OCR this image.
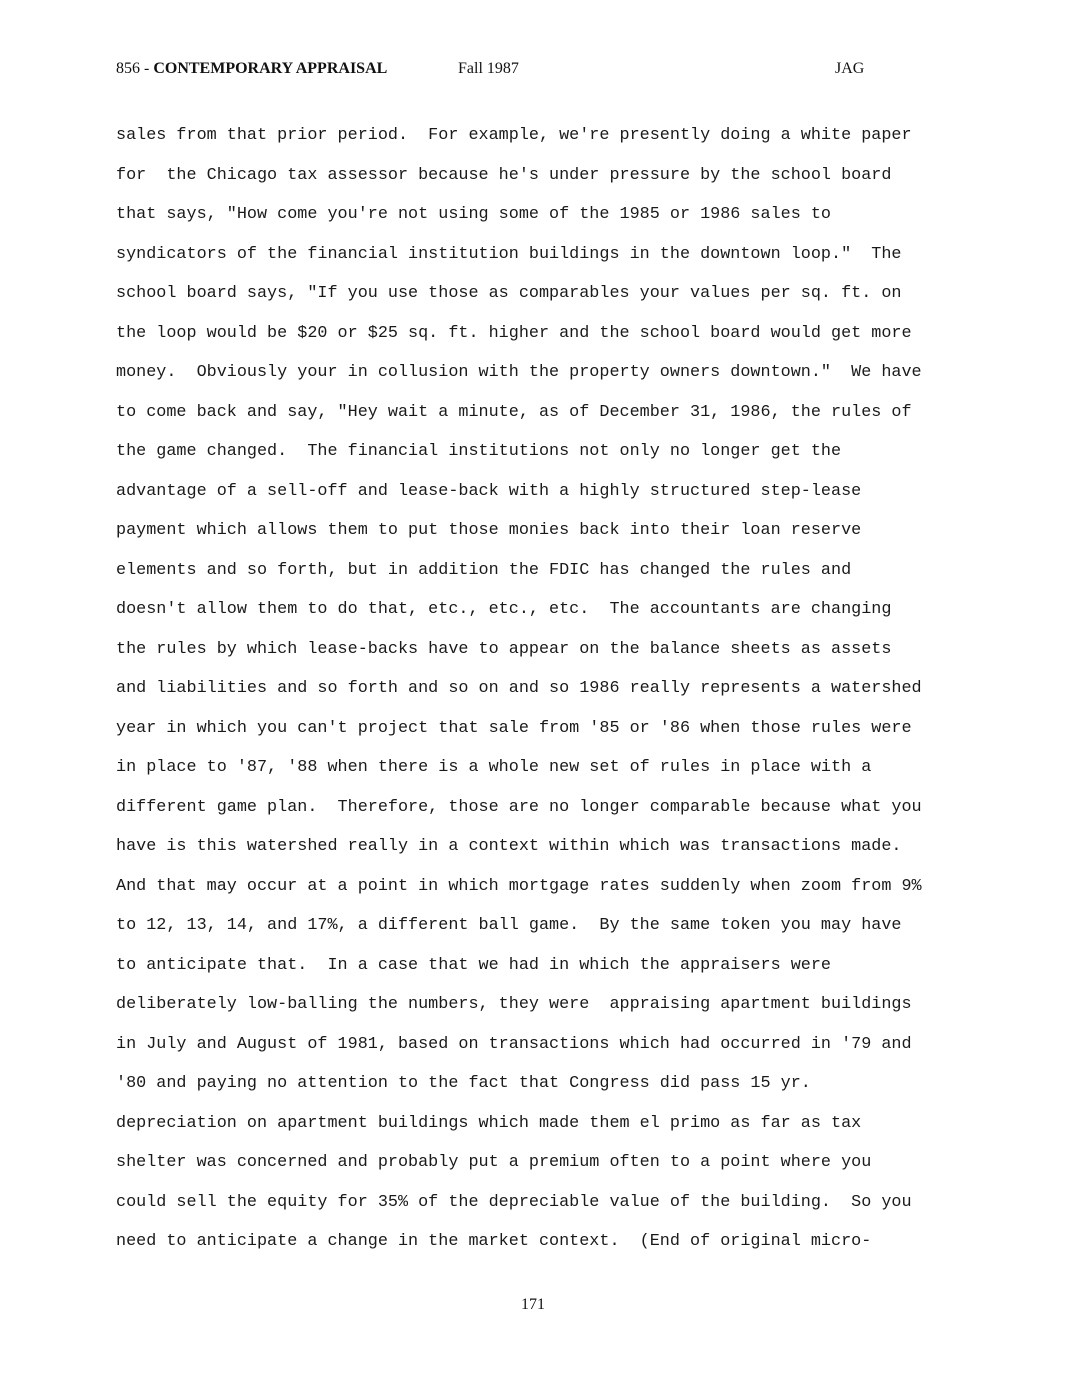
856 - CONTEMPORARY APPRAISAL	Fall 1987	JAG
sales from that prior period.  For example, we're presently doing a white paper
for  the Chicago tax assessor because he's under pressure by the school board
that says, "How come you're not using some of the 1985 or 1986 sales to
syndicators of the financial institution buildings in the downtown loop."  The
school board says, "If you use those as comparables your values per sq. ft. on
the loop would be $20 or $25 sq. ft. higher and the school board would get more
money.  Obviously your in collusion with the property owners downtown."  We have
to come back and say, "Hey wait a minute, as of December 31, 1986, the rules of
the game changed.  The financial institutions not only no longer get the
advantage of a sell-off and lease-back with a highly structured step-lease
payment which allows them to put those monies back into their loan reserve
elements and so forth, but in addition the FDIC has changed the rules and
doesn't allow them to do that, etc., etc., etc.  The accountants are changing
the rules by which lease-backs have to appear on the balance sheets as assets
and liabilities and so forth and so on and so 1986 really represents a watershed
year in which you can't project that sale from '85 or '86 when those rules were
in place to '87, '88 when there is a whole new set of rules in place with a
different game plan.  Therefore, those are no longer comparable because what you
have is this watershed really in a context within which was transactions made.
And that may occur at a point in which mortgage rates suddenly when zoom from 9%
to 12, 13, 14, and 17%, a different ball game.  By the same token you may have
to anticipate that.  In a case that we had in which the appraisers were
deliberately low-balling the numbers, they were  appraising apartment buildings
in July and August of 1981, based on transactions which had occurred in '79 and
'80 and paying no attention to the fact that Congress did pass 15 yr.
depreciation on apartment buildings which made them el primo as far as tax
shelter was concerned and probably put a premium often to a point where you
could sell the equity for 35% of the depreciable value of the building.  So you
need to anticipate a change in the market context.  (End of original micro-
171
